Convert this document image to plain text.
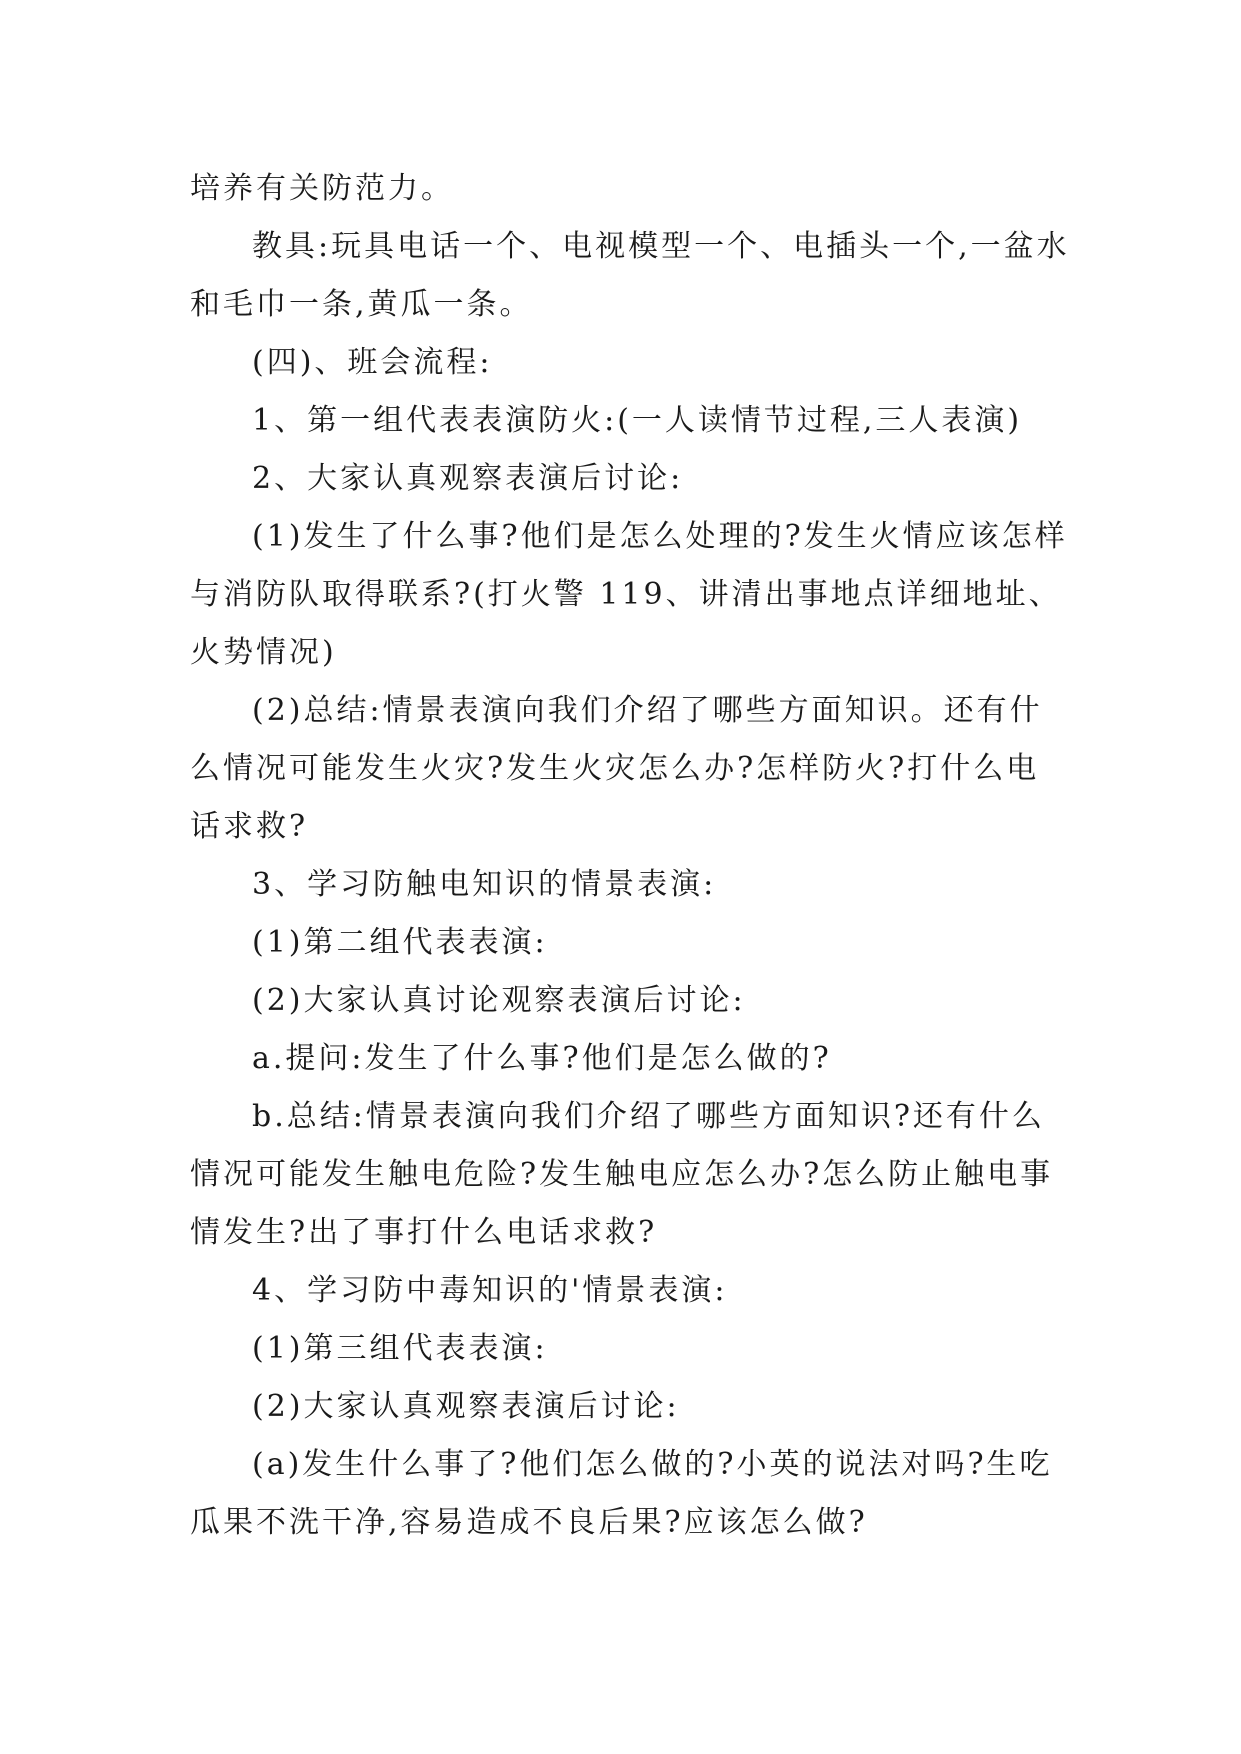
培养有关防范力。

教具:玩具电话一个、电视模型一个、电插头一个,一盆水和毛巾一条,黄瓜一条。

(四)、班会流程:

1、第一组代表表演防火:(一人读情节过程,三人表演)

2、大家认真观察表演后讨论:

(1)发生了什么事?他们是怎么处理的?发生火情应该怎样与消防队取得联系?(打火警 119、讲清出事地点详细地址、火势情况)

(2)总结:情景表演向我们介绍了哪些方面知识。还有什么情况可能发生火灾?发生火灾怎么办?怎样防火?打什么电话求救?

3、学习防触电知识的情景表演:

(1)第二组代表表演:

(2)大家认真讨论观察表演后讨论:

a.提问:发生了什么事?他们是怎么做的?

b.总结:情景表演向我们介绍了哪些方面知识?还有什么情况可能发生触电危险?发生触电应怎么办?怎么防止触电事情发生?出了事打什么电话求救?

4、学习防中毒知识的'情景表演:

(1)第三组代表表演:

(2)大家认真观察表演后讨论:

(a)发生什么事了?他们怎么做的?小英的说法对吗?生吃瓜果不洗干净,容易造成不良后果?应该怎么做?
